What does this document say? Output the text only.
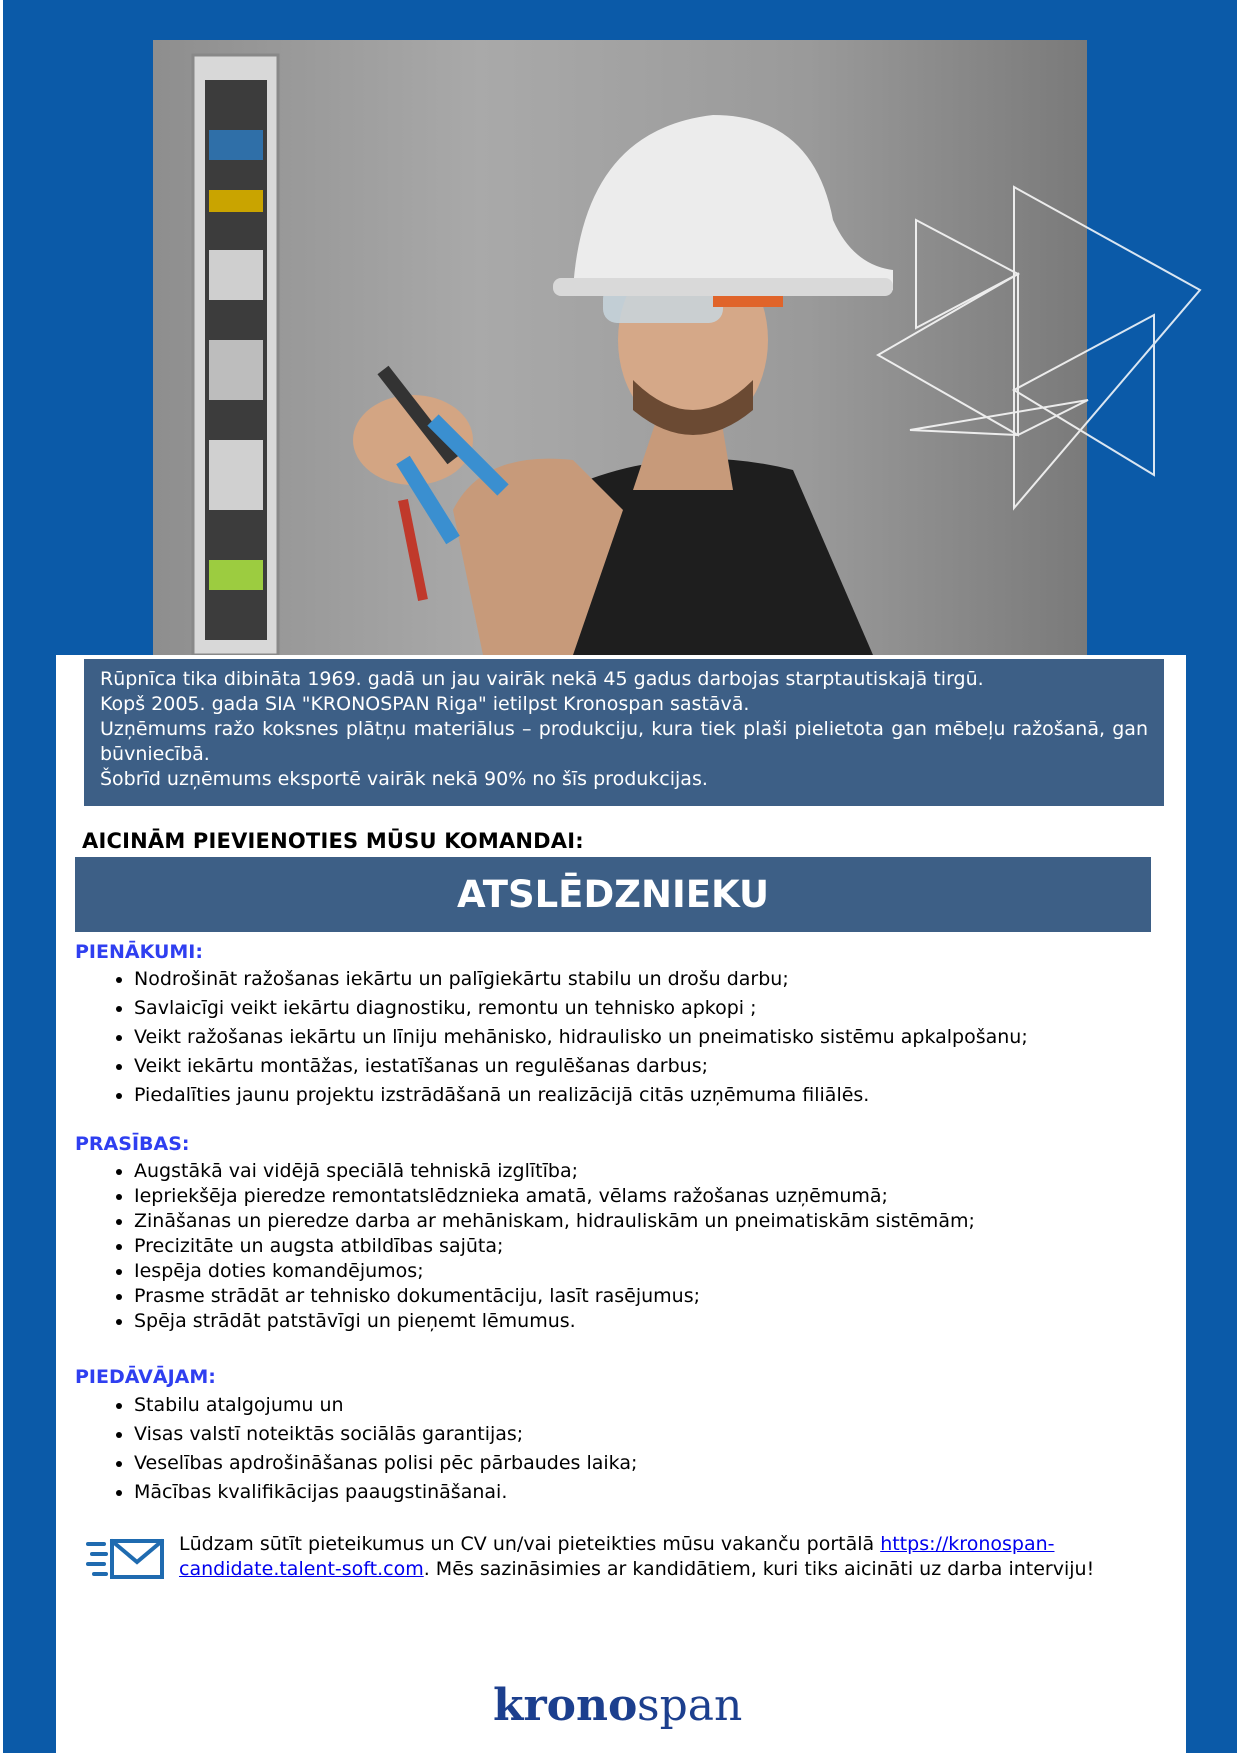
Rūpnīca tika dibināta 1969. gadā un jau vairāk nekā 45 gadus darbojas starptautiskajā tirgū.

Kopš 2005. gada SIA "KRONOSPAN Riga" ietilpst Kronospan sastāvā.

Uzņēmums ražo koksnes plātņu materiālus – produkciju, kura tiek plaši pielietota gan mēbeļu ražošanā, gan būvniecībā.

Šobrīd uzņēmums eksportē vairāk nekā 90% no šīs produkcijas.

AICINĀM PIEVIENOTIES MŪSU KOMANDAI:
ATSLĒDZNIEKU
PIENĀKUMI:
• Nodrošināt ražošanas iekārtu un palīgiekārtu stabilu un drošu darbu;
• Savlaicīgi veikt iekārtu diagnostiku, remontu un tehnisko apkopi ;
• Veikt ražošanas iekārtu un līniju mehānisko, hidraulisko un pneimatisko sistēmu apkalpošanu;
• Veikt iekārtu montāžas, iestatīšanas un regulēšanas darbus;
• Piedalīties jaunu projektu izstrādāšanā un realizācijā citās uzņēmuma filiālēs.
PRASĪBAS:
• Augstākā vai vidējā speciālā tehniskā izglītība;
• Iepriekšēja pieredze remontatslēdznieka amatā, vēlams ražošanas uzņēmumā;
• Zināšanas un pieredze darba ar mehāniskam, hidrauliskām un pneimatiskām sistēmām;
• Precizitāte un augsta atbildības sajūta;
• Iespēja doties komandējumos;
• Prasme strādāt ar tehnisko dokumentāciju, lasīt rasējumus;
• Spēja strādāt patstāvīgi un pieņemt lēmumus.
PIEDĀVĀJAM:
• Stabilu atalgojumu un
• Visas valstī noteiktās sociālās garantijas;
• Veselības apdrošināšanas polisi pēc pārbaudes laika;
• Mācības kvalifikācijas paaugstināšanai.
Lūdzam sūtīt pieteikumus un CV un/vai pieteikties mūsu vakanču portālā https://kronospan-candidate.talent-soft.com. Mēs sazināsimies ar kandidātiem, kuri tiks aicināti uz darba interviju!
krono span
